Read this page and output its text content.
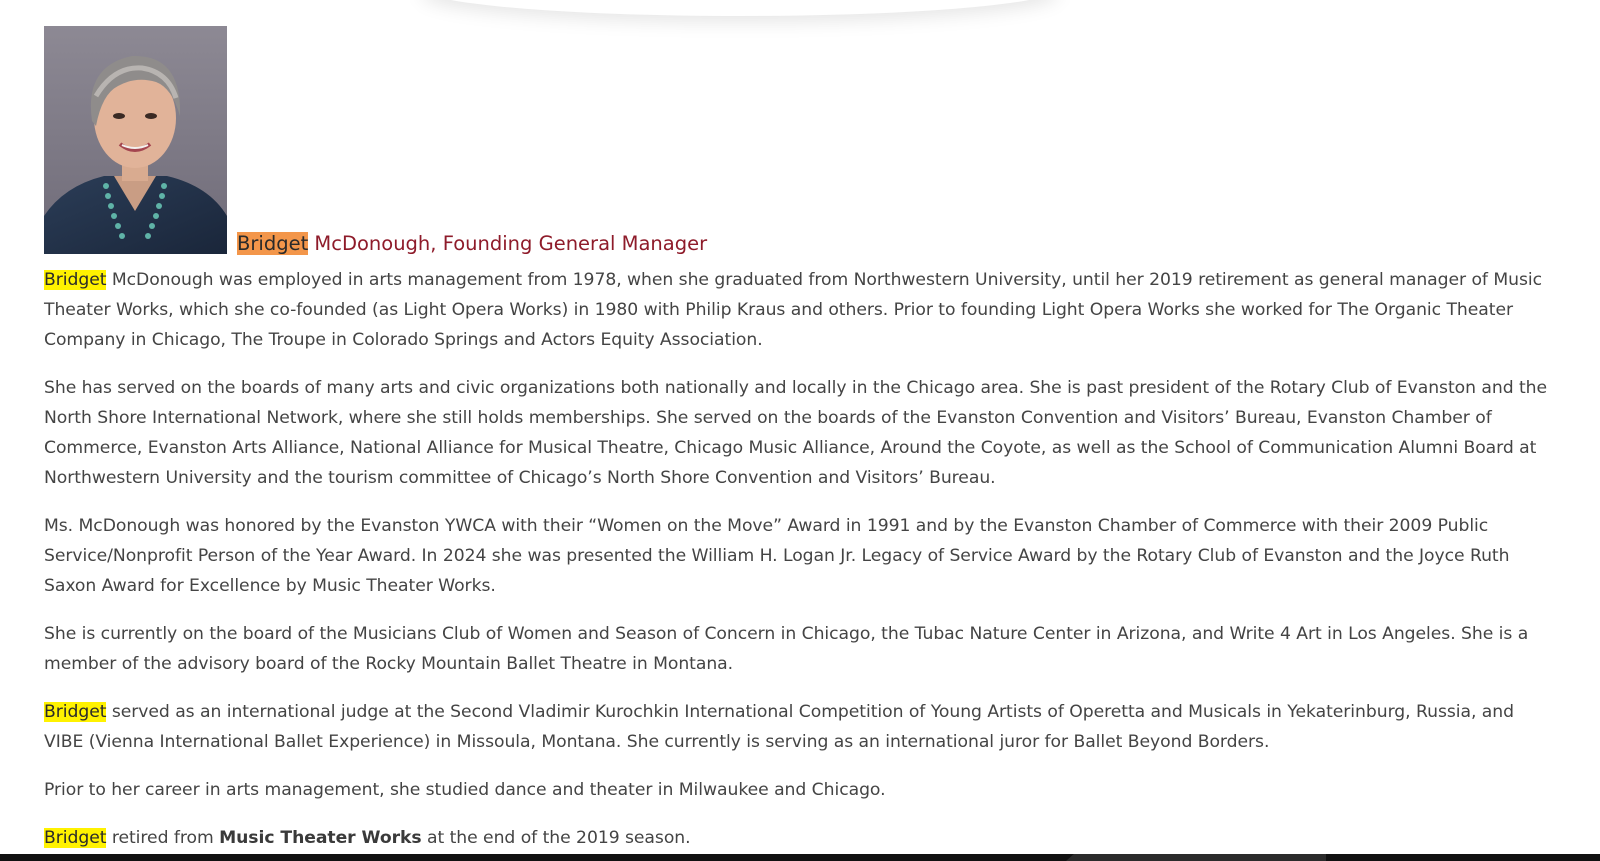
Bridget McDonough, Founding General Manager

Bridget McDonough was employed in arts management from 1978, when she graduated from Northwestern University, until her 2019 retirement as general manager of Music Theater Works, which she co-founded (as Light Opera Works) in 1980 with Philip Kraus and others. Prior to founding Light Opera Works she worked for The Organic Theater Company in Chicago, The Troupe in Colorado Springs and Actors Equity Association.

She has served on the boards of many arts and civic organizations both nationally and locally in the Chicago area. She is past president of the Rotary Club of Evanston and the North Shore International Network, where she still holds memberships. She served on the boards of the Evanston Convention and Visitors’ Bureau, Evanston Chamber of Commerce, Evanston Arts Alliance, National Alliance for Musical Theatre, Chicago Music Alliance, Around the Coyote, as well as the School of Communication Alumni Board at Northwestern University and the tourism committee of Chicago’s North Shore Convention and Visitors’ Bureau.

Ms. McDonough was honored by the Evanston YWCA with their “Women on the Move” Award in 1991 and by the Evanston Chamber of Commerce with their 2009 Public Service/Nonprofit Person of the Year Award. In 2024 she was presented the William H. Logan Jr. Legacy of Service Award by the Rotary Club of Evanston and the Joyce Ruth Saxon Award for Excellence by Music Theater Works.

She is currently on the board of the Musicians Club of Women and Season of Concern in Chicago, the Tubac Nature Center in Arizona, and Write 4 Art in Los Angeles. She is a member of the advisory board of the Rocky Mountain Ballet Theatre in Montana.

Bridget served as an international judge at the Second Vladimir Kurochkin International Competition of Young Artists of Operetta and Musicals in Yekaterinburg, Russia, and VIBE (Vienna International Ballet Experience) in Missoula, Montana. She currently is serving as an international juror for Ballet Beyond Borders.

Prior to her career in arts management, she studied dance and theater in Milwaukee and Chicago.

Bridget retired from Music Theater Works at the end of the 2019 season.
